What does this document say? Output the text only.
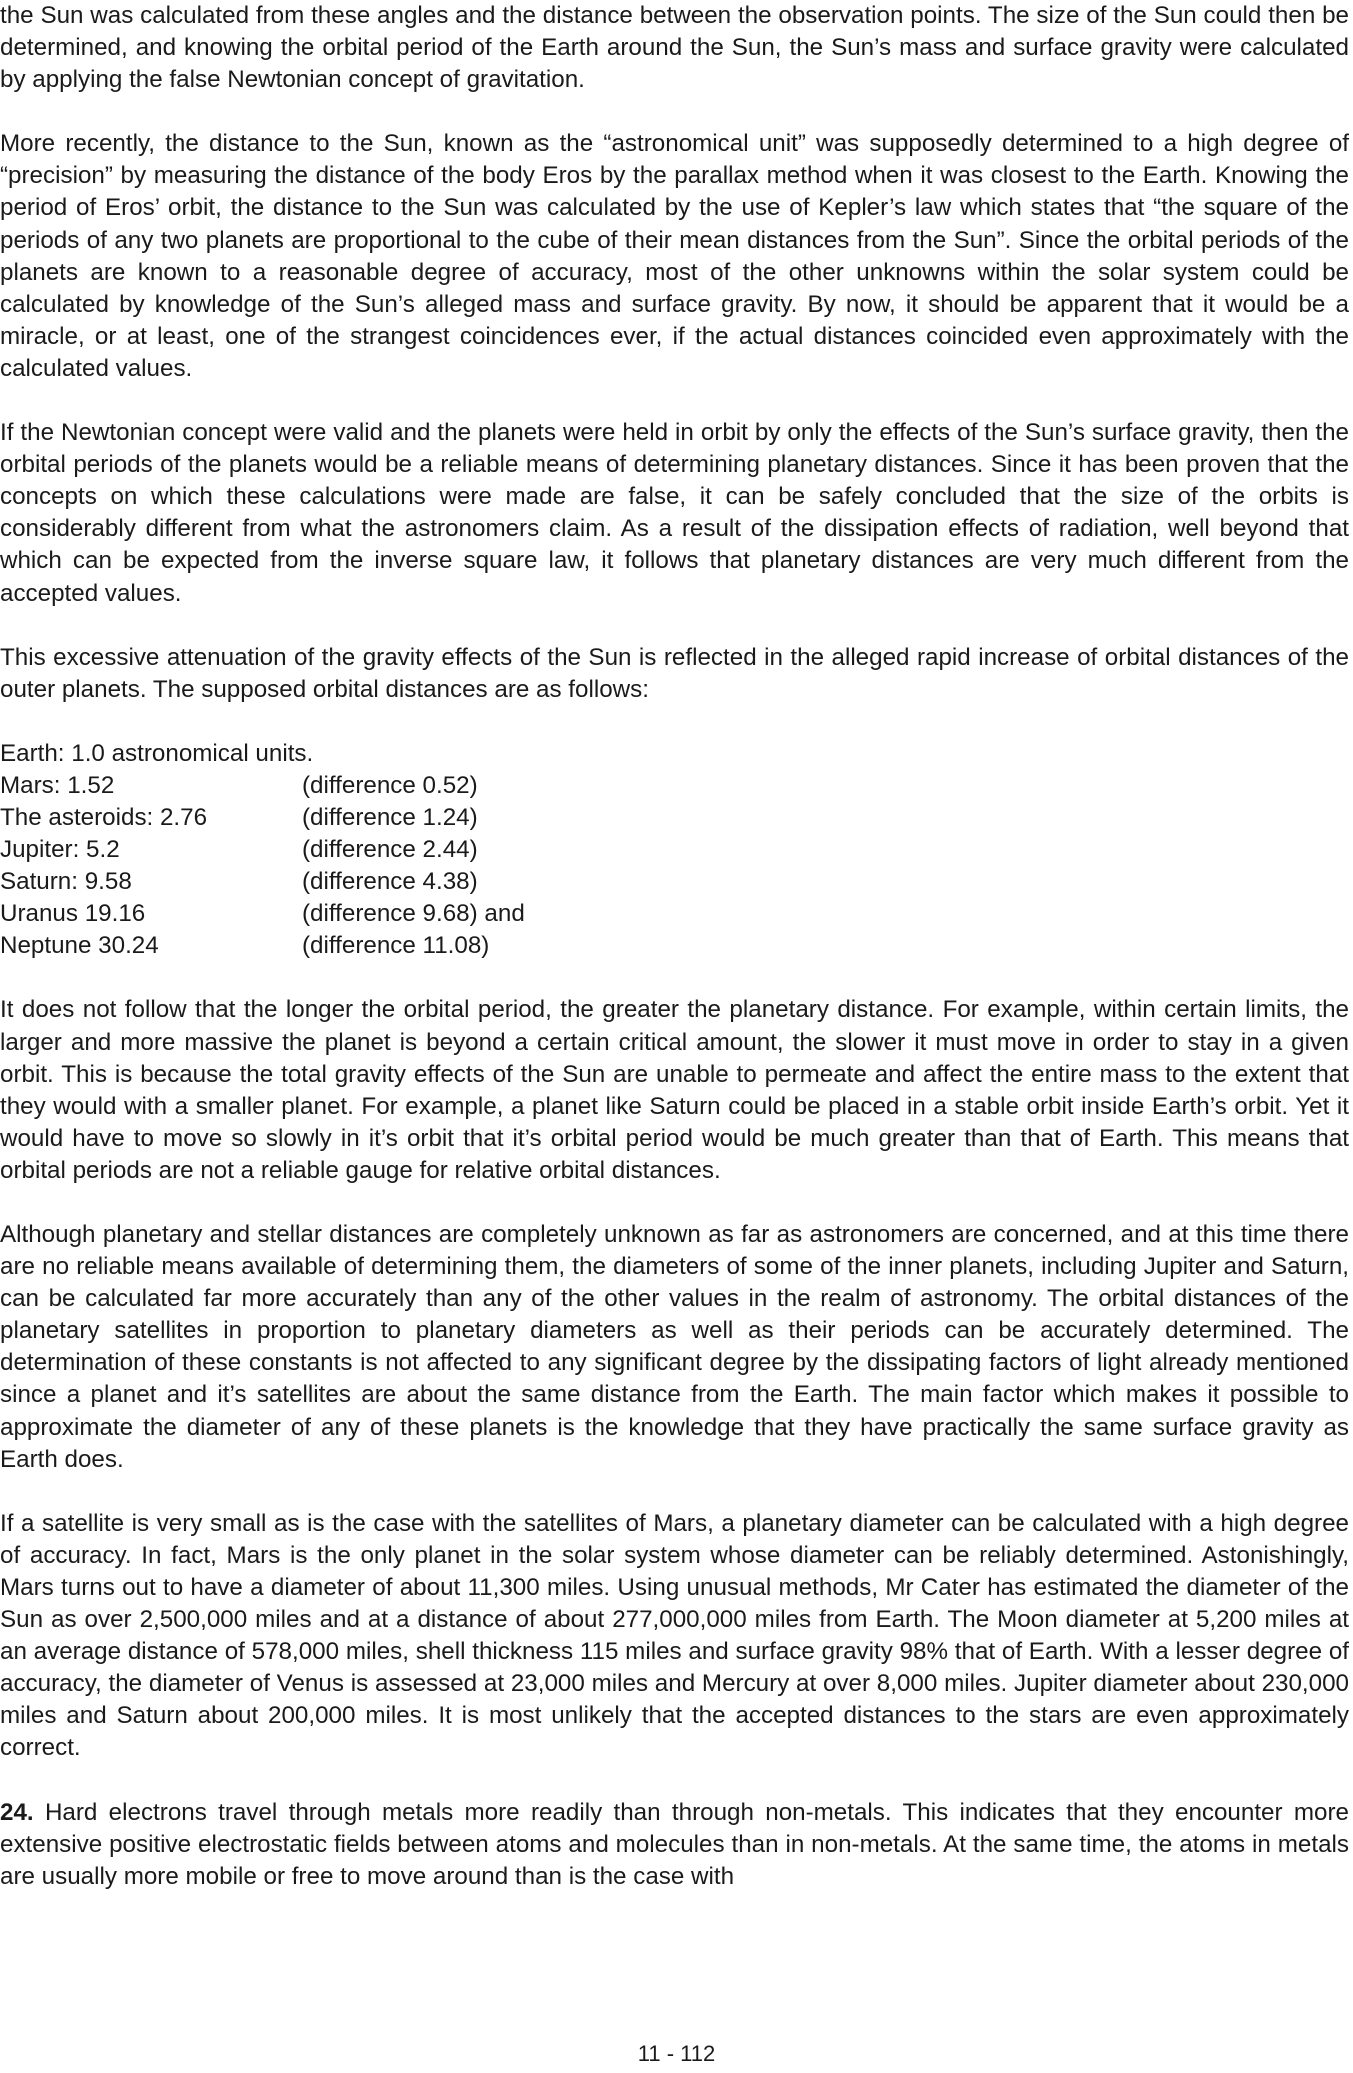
the Sun was calculated from these angles and the distance between the observation points. The size of the Sun could then be determined, and knowing the orbital period of the Earth around the Sun, the Sun’s mass and surface gravity were calculated by applying the false Newtonian concept of gravitation.

More recently, the distance to the Sun, known as the “astronomical unit” was supposedly determined to a high degree of “precision” by measuring the distance of the body Eros by the parallax method when it was closest to the Earth. Knowing the period of Eros’ orbit, the distance to the Sun was calculated by the use of Kepler’s law which states that “the square of the periods of any two planets are proportional to the cube of their mean distances from the Sun”. Since the orbital periods of the planets are known to a reasonable degree of accuracy, most of the other unknowns within the solar system could be calculated by knowledge of the Sun’s alleged mass and surface gravity. By now, it should be apparent that it would be a miracle, or at least, one of the strangest coincidences ever, if the actual distances coincided even approximately with the calculated values.

If the Newtonian concept were valid and the planets were held in orbit by only the effects of the Sun’s surface gravity, then the orbital periods of the planets would be a reliable means of determining planetary distances. Since it has been proven that the concepts on which these calculations were made are false, it can be safely concluded that the size of the orbits is considerably different from what the astronomers claim. As a result of the dissipation effects of radiation, well beyond that which can be expected from the inverse square law, it follows that planetary distances are very much different from the accepted values.

This excessive attenuation of the gravity effects of the Sun is reflected in the alleged rapid increase of orbital distances of the outer planets. The supposed orbital distances are as follows:

Earth: 1.0 astronomical units.
Mars: 1.52	(difference 0.52)
The asteroids: 2.76	(difference 1.24)
Jupiter: 5.2	(difference 2.44)
Saturn: 9.58	(difference 4.38)
Uranus 19.16	(difference 9.68) and
Neptune 30.24	(difference 11.08)

It does not follow that the longer the orbital period, the greater the planetary distance. For example, within certain limits, the larger and more massive the planet is beyond a certain critical amount, the slower it must move in order to stay in a given orbit. This is because the total gravity effects of the Sun are unable to permeate and affect the entire mass to the extent that they would with a smaller planet. For example, a planet like Saturn could be placed in a stable orbit inside Earth’s orbit. Yet it would have to move so slowly in it’s orbit that it’s orbital period would be much greater than that of Earth. This means that orbital periods are not a reliable gauge for relative orbital distances.

Although planetary and stellar distances are completely unknown as far as astronomers are concerned, and at this time there are no reliable means available of determining them, the diameters of some of the inner planets, including Jupiter and Saturn, can be calculated far more accurately than any of the other values in the realm of astronomy. The orbital distances of the planetary satellites in proportion to planetary diameters as well as their periods can be accurately determined. The determination of these constants is not affected to any significant degree by the dissipating factors of light already mentioned since a planet and it’s satellites are about the same distance from the Earth. The main factor which makes it possible to approximate the diameter of any of these planets is the knowledge that they have practically the same surface gravity as Earth does.

If a satellite is very small as is the case with the satellites of Mars, a planetary diameter can be calculated with a high degree of accuracy. In fact, Mars is the only planet in the solar system whose diameter can be reliably determined. Astonishingly, Mars turns out to have a diameter of about 11,300 miles. Using unusual methods, Mr Cater has estimated the diameter of the Sun as over 2,500,000 miles and at a distance of about 277,000,000 miles from Earth. The Moon diameter at 5,200 miles at an average distance of 578,000 miles, shell thickness 115 miles and surface gravity 98% that of Earth. With a lesser degree of accuracy, the diameter of Venus is assessed at 23,000 miles and Mercury at over 8,000 miles. Jupiter diameter about 230,000 miles and Saturn about 200,000 miles. It is most unlikely that the accepted distances to the stars are even approximately correct.

24. Hard electrons travel through metals more readily than through non-metals. This indicates that they encounter more extensive positive electrostatic fields between atoms and molecules than in non-metals. At the same time, the atoms in metals are usually more mobile or free to move around than is the case with

11 - 112
